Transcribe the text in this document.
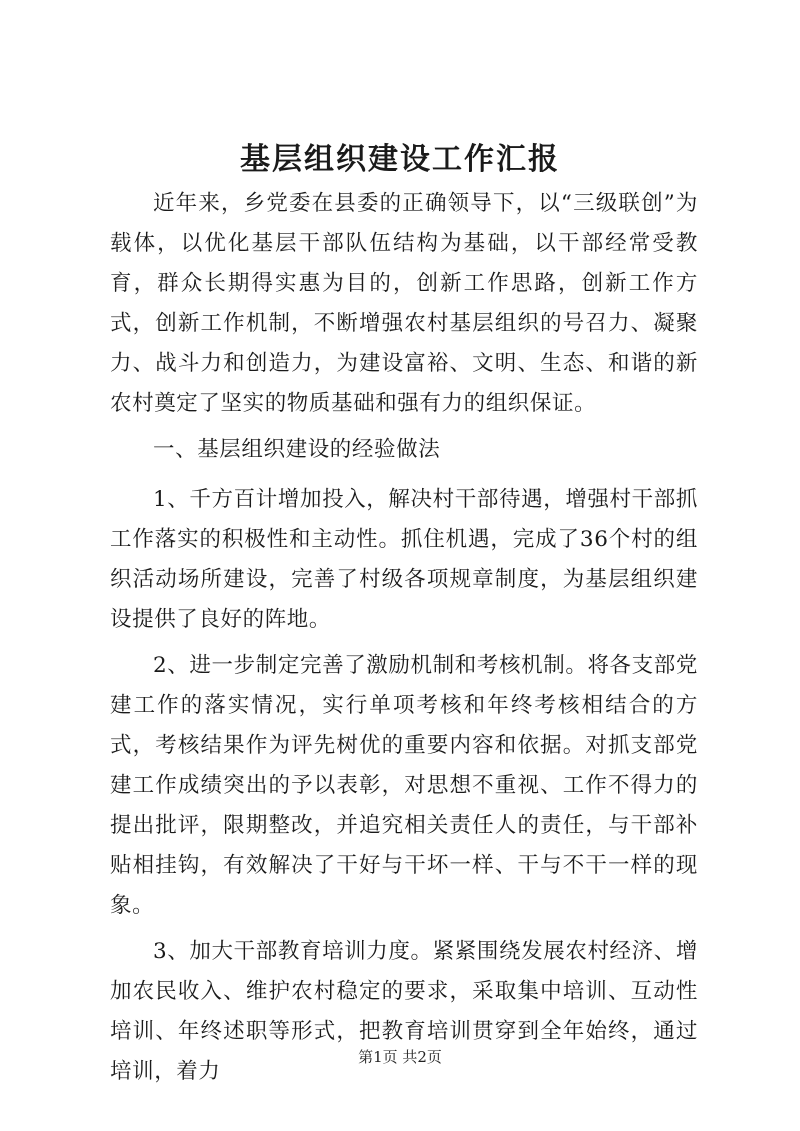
基层组织建设工作汇报

近年来，乡党委在县委的正确领导下，以“三级联创”为载体，以优化基层干部队伍结构为基础，以干部经常受教育，群众长期得实惠为目的，创新工作思路，创新工作方式，创新工作机制，不断增强农村基层组织的号召力、凝聚力、战斗力和创造力，为建设富裕、文明、生态、和谐的新农村奠定了坚实的物质基础和强有力的组织保证。

一、基层组织建设的经验做法

1、千方百计增加投入，解决村干部待遇，增强村干部抓工作落实的积极性和主动性。抓住机遇，完成了36个村的组织活动场所建设，完善了村级各项规章制度，为基层组织建设提供了良好的阵地。

2、进一步制定完善了激励机制和考核机制。将各支部党建工作的落实情况，实行单项考核和年终考核相结合的方式，考核结果作为评先树优的重要内容和依据。对抓支部党建工作成绩突出的予以表彰，对思想不重视、工作不得力的提出批评，限期整改，并追究相关责任人的责任，与干部补贴相挂钩，有效解决了干好与干坏一样、干与不干一样的现象。

3、加大干部教育培训力度。紧紧围绕发展农村经济、增加农民收入、维护农村稳定的要求，采取集中培训、互动性培训、年终述职等形式，把教育培训贯穿到全年始终，通过培训，着力

第1页 共2页
